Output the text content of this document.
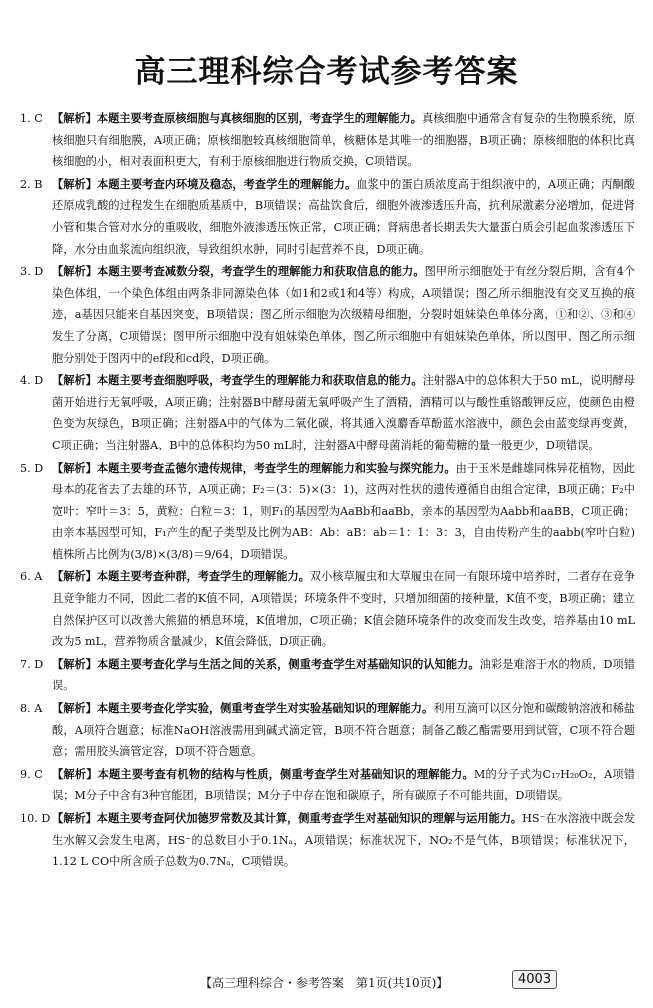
高三理科综合考试参考答案
1. C 【解析】本题主要考查原核细胞与真核细胞的区别，考查学生的理解能力。真核细胞中通常含有复杂的生物膜系统，原核细胞只有细胞膜，A项正确；原核细胞较真核细胞简单，核糖体是其唯一的细胞器，B项正确；原核细胞的体积比真核细胞的小，相对表面积更大，有利于原核细胞进行物质交换，C项错误。
2. B 【解析】本题主要考查内环境及稳态，考查学生的理解能力。血浆中的蛋白质浓度高于组织液中的，A项正确；丙酮酸还原成乳酸的过程发生在细胞质基质中，B项错误；高盐饮食后，细胞外液渗透压升高，抗利尿激素分泌增加，促进肾小管和集合管对水分的重吸收，细胞外液渗透压恢正常，C项正确；肾病患者长期丢失大量蛋白质会引起血浆渗透压下降，水分由血浆流向组织液，导致组织水肿，同时引起营养不良，D项正确。
3. D 【解析】本题主要考查减数分裂，考查学生的理解能力和获取信息的能力。图甲所示细胞处于有丝分裂后期，含有4个染色体组，一个染色体组由两条非同源染色体（如1和2或1和4等）构成，A项错误；图乙所示细胞没有交叉互换的痕迹，a基因只能来自基因突变，B项错误；图乙所示细胞为次级精母细胞，分裂时姐妹染色单体分离，①和②、③和④发生了分离，C项错误；图甲所示细胞中没有姐妹染色单体，图乙所示细胞中有姐妹染色单体，所以图甲、图乙所示细胞分别处于图丙中的ef段和cd段，D项正确。
4. D 【解析】本题主要考查细胞呼吸，考查学生的理解能力和获取信息的能力。注射器A中的总体积大于50 mL，说明酵母菌开始进行无氧呼吸，A项正确；注射器B中酵母菌无氧呼吸产生了酒精，酒精可以与酸性重铬酸钾反应，使颜色由橙色变为灰绿色，B项正确；注射器A中的气体为二氧化碳，将其通入溴麝香草酚蓝水溶液中，颜色会由蓝变绿再变黄，C项正确；当注射器A、B中的总体积均为50 mL时，注射器A中酵母菌消耗的葡萄糖的量一般更少，D项错误。
5. D 【解析】本题主要考查孟德尔遗传规律，考查学生的理解能力和实验与探究能力。由于玉米是雌雄同株异花植物，因此母本的花省去了去雄的环节，A项正确；F₂＝(3：5)×(3：1)，这两对性状的遗传遵循自由组合定律，B项正确；F₂中宽叶：窄叶＝3：5，黄粒：白粒＝3：1，则F₁的基因型为AaBb和aaBb，亲本的基因型为Aabb和aaBB，C项正确；由亲本基因型可知，F₁产生的配子类型及比例为AB：Ab：aB：ab＝1：1：3：3，自由传粉产生的aabb(窄叶白粒)植株所占比例为(3/8)×(3/8)＝9/64，D项错误。
6. A 【解析】本题主要考查种群，考查学生的理解能力。双小核草履虫和大草履虫在同一有限环境中培养时，二者存在竞争且竞争能力不同，因此二者的K值不同，A项错误；环境条件不变时，只增加细菌的接种量，K值不变，B项正确；建立自然保护区可以改善大熊猫的栖息环境，K值增加，C项正确；K值会随环境条件的改变而发生改变，培养基由10 mL改为5 mL，营养物质含量减少，K值会降低，D项正确。
7. D 【解析】本题主要考查化学与生活之间的关系，侧重考查学生对基础知识的认知能力。油彩是难溶于水的物质，D项错误。
8. A 【解析】本题主要考查化学实验，侧重考查学生对实验基础知识的理解能力。利用互滴可以区分饱和碳酸钠溶液和稀盐酸，A项符合题意；标准NaOH溶液需用到碱式滴定管，B项不符合题意；制备乙酸乙酯需要用到试管，C项不符合题意；需用胶头滴管定容，D项不符合题意。
9. C 【解析】本题主要考查有机物的结构与性质，侧重考查学生对基础知识的理解能力。M的分子式为C₁₇H₂₀O₂，A项错误；M分子中含有3种官能团，B项错误；M分子中存在饱和碳原子，所有碳原子不可能共面，D项错误。
10. D 【解析】本题主要考查阿伏加德罗常数及其计算，侧重考查学生对基础知识的理解与运用能力。HS⁻在水溶液中既会发生水解又会发生电离，HS⁻的总数目小于0.1Nₐ，A项错误；标准状况下，NO₂不是气体，B项错误；标准状况下，1.12 L CO中所含质子总数为0.7Nₐ，C项错误。
【高三理科综合・参考答案　第1页(共10页)】	4003
